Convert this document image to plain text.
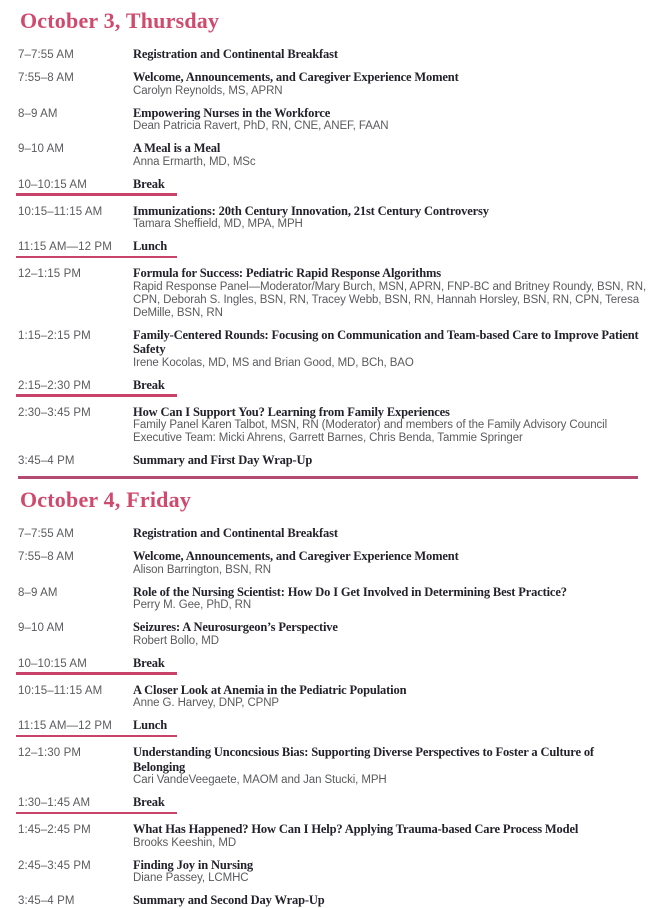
October 3, Thursday
7–7:55 AM	Registration and Continental Breakfast
7:55–8 AM	Welcome, Announcements, and Caregiver Experience Moment
Carolyn Reynolds, MS, APRN
8–9 AM	Empowering Nurses in the Workforce
Dean Patricia Ravert, PhD, RN, CNE, ANEF, FAAN
9–10 AM	A Meal is a Meal
Anna Ermarth, MD, MSc
10–10:15 AM	Break
10:15–11:15 AM	Immunizations: 20th Century Innovation, 21st Century Controversy
Tamara Sheffield, MD, MPA, MPH
11:15 AM—12 PM	Lunch
12–1:15 PM	Formula for Success: Pediatric Rapid Response Algorithms
Rapid Response Panel—Moderator/Mary Burch, MSN, APRN, FNP-BC and Britney Roundy, BSN, RN, CPN, Deborah S. Ingles, BSN, RN, Tracey Webb, BSN, RN, Hannah Horsley, BSN, RN, CPN, Teresa DeMille, BSN, RN
1:15–2:15 PM	Family-Centered Rounds: Focusing on Communication and Team-based Care to Improve Patient Safety
Irene Kocolas, MD, MS and Brian Good, MD, BCh, BAO
2:15–2:30 PM	Break
2:30–3:45 PM	How Can I Support You? Learning from Family Experiences
Family Panel Karen Talbot, MSN, RN (Moderator) and members of the Family Advisory Council
Executive Team: Micki Ahrens, Garrett Barnes, Chris Benda, Tammie Springer
3:45–4 PM	Summary and First Day Wrap-Up
October 4, Friday
7–7:55 AM	Registration and Continental Breakfast
7:55–8 AM	Welcome, Announcements, and Caregiver Experience Moment
Alison Barrington, BSN, RN
8–9 AM	Role of the Nursing Scientist: How Do I Get Involved in Determining Best Practice?
Perry M. Gee, PhD, RN
9–10 AM	Seizures: A Neurosurgeon’s Perspective
Robert Bollo, MD
10–10:15 AM	Break
10:15–11:15 AM	A Closer Look at Anemia in the Pediatric Population
Anne G. Harvey, DNP, CPNP
11:15 AM—12 PM	Lunch
12–1:30 PM	Understanding Unconcsious Bias: Supporting Diverse Perspectives to Foster a Culture of Belonging
Cari VandeVeegaete, MAOM and Jan Stucki, MPH
1:30–1:45 AM	Break
1:45–2:45 PM	What Has Happened? How Can I Help? Applying Trauma-based Care Process Model
Brooks Keeshin, MD
2:45–3:45 PM	Finding Joy in Nursing
Diane Passey, LCMHC
3:45–4 PM	Summary and Second Day Wrap-Up
